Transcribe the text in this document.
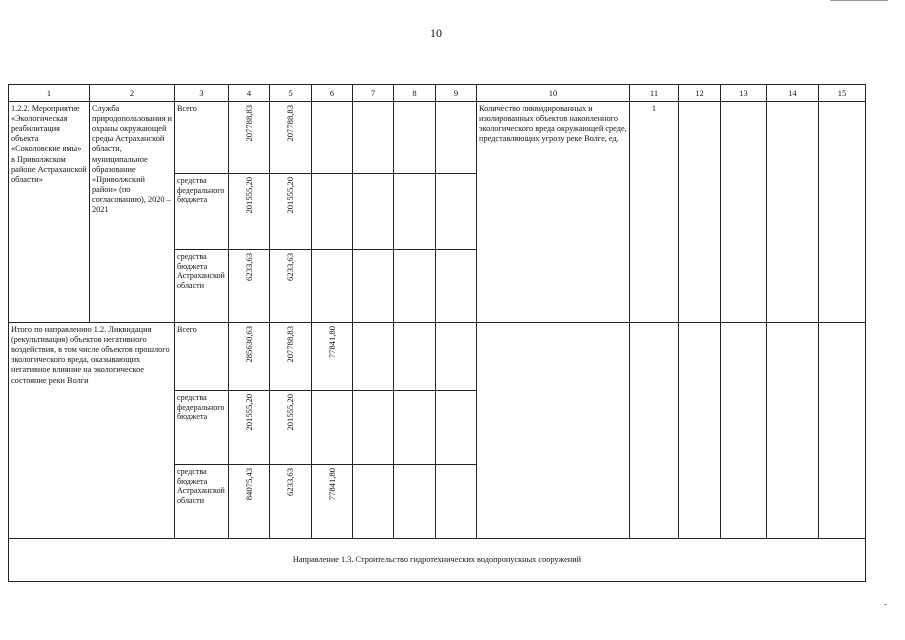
10
1	2	3	4	5	6	7	8	9	10	11	12	13	14	15
1.2.2. Мероприятие «Экологическая реабилитация объекта «Соколовские ямы» в Приволжском районе Астраханской области»	Служба природопользования и охраны окружающей среды Астраханской области, муниципальное образование «Приволжский район» (по согласованию), 2020 – 2021	Всего	207788,83	207788,83					Количество ликвидированных и изолированных объектов накопленного экологического вреда окружающей среде, представляющих угрозу реке Волге, ед.	1				
		средства федерального бюджета	201555,20	201555,20										
		средства бюджета Астраханской области	6233,63	6233,63										
Итого по направлению 1.2. Ликвидация (рекультивация) объектов негативного воздействия, в том числе объектов прошлого экологического вреда, оказывающих негативное влияние на экологическое состояние реки Волги		Всего	285630,63	207788,83	77841,80									
		средства федерального бюджета	201555,20	201555,20										
		средства бюджета Астраханской области	84075,43	6233,63	77841,80									
Направление 1.3. Строительство гидротехнических водопропускных сооружений														
